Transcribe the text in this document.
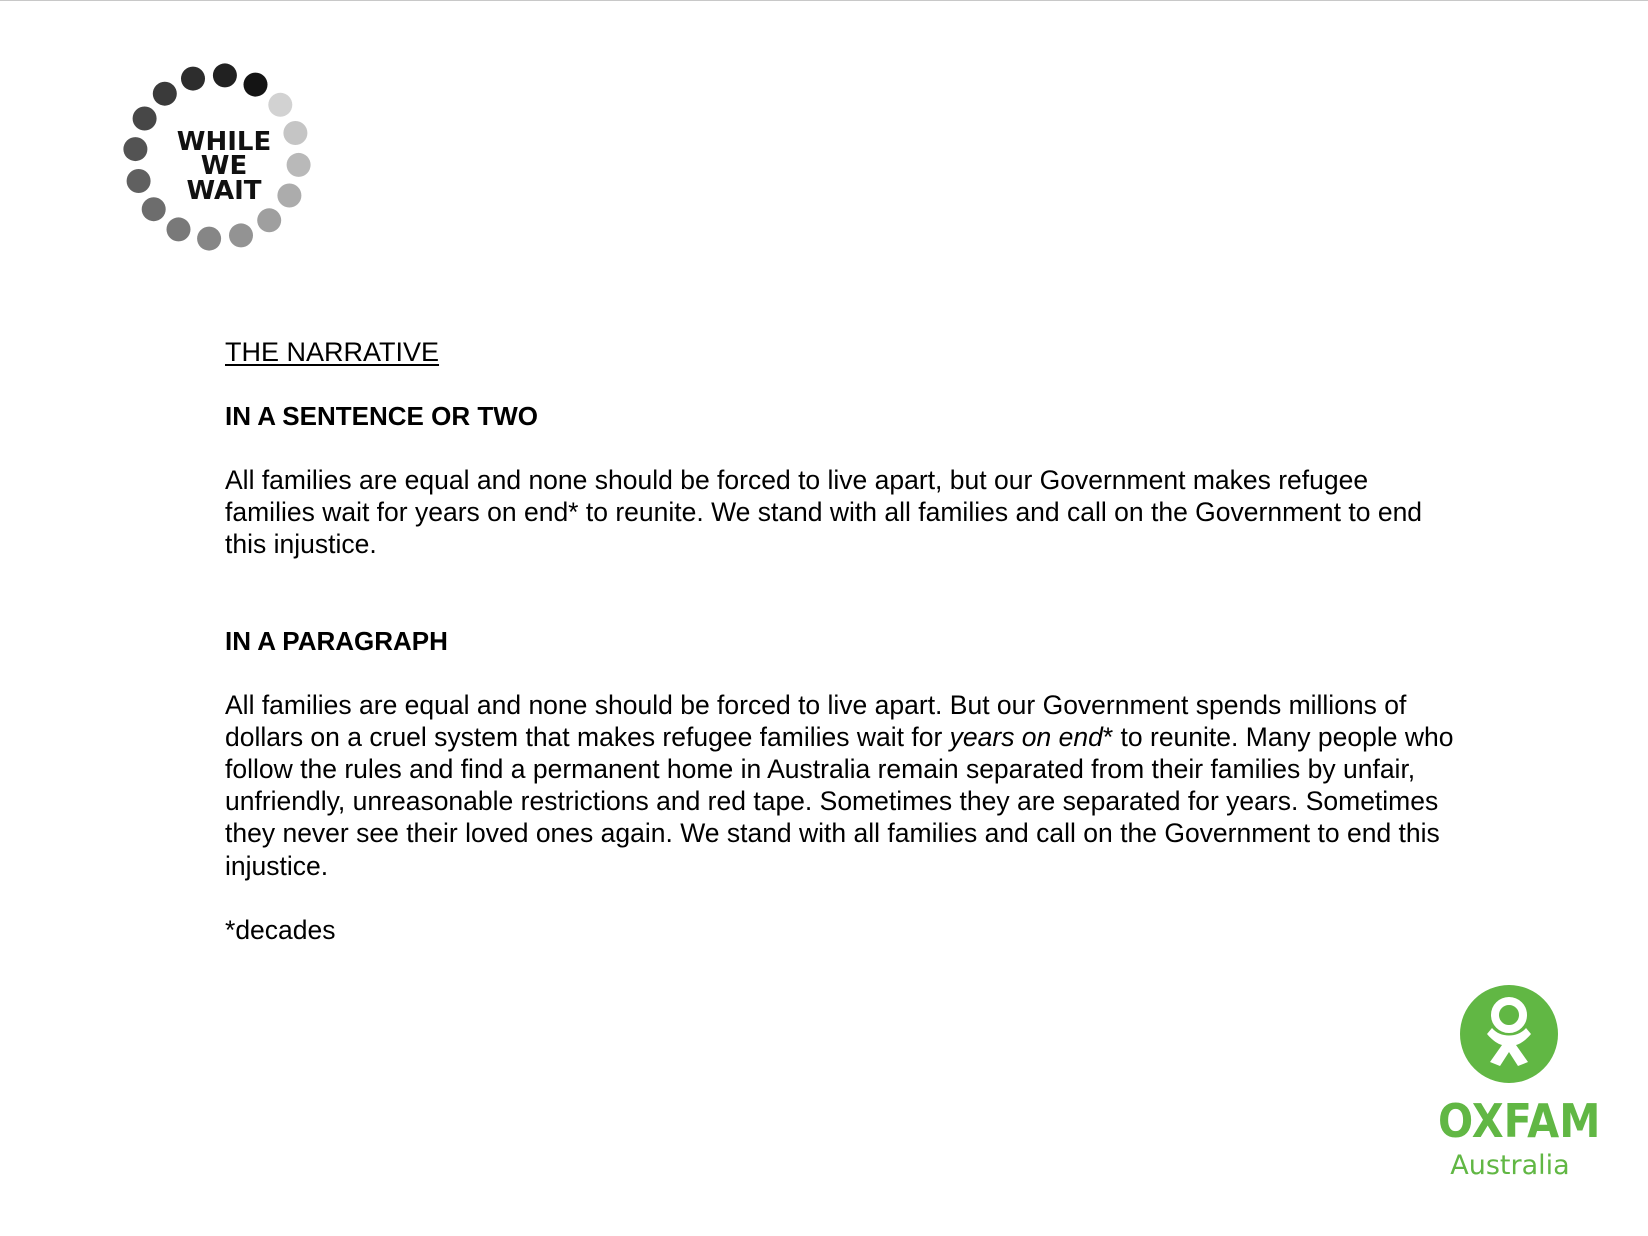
WHILE
WE
WAIT
THE NARRATIVE
IN A SENTENCE OR TWO

All families are equal and none should be forced to live apart, but our Government makes refugee families wait for years on end* to reunite. We stand with all families and call on the Government to end this injustice.

IN A PARAGRAPH

All families are equal and none should be forced to live apart. But our Government spends millions of dollars on a cruel system that makes refugee families wait for years on end* to reunite. Many people who follow the rules and find a permanent home in Australia remain separated from their families by unfair, unfriendly, unreasonable restrictions and red tape. Sometimes they are separated for years. Sometimes they never see their loved ones again. We stand with all families and call on the Government to end this injustice.

*decades

OXFAM
Australia
